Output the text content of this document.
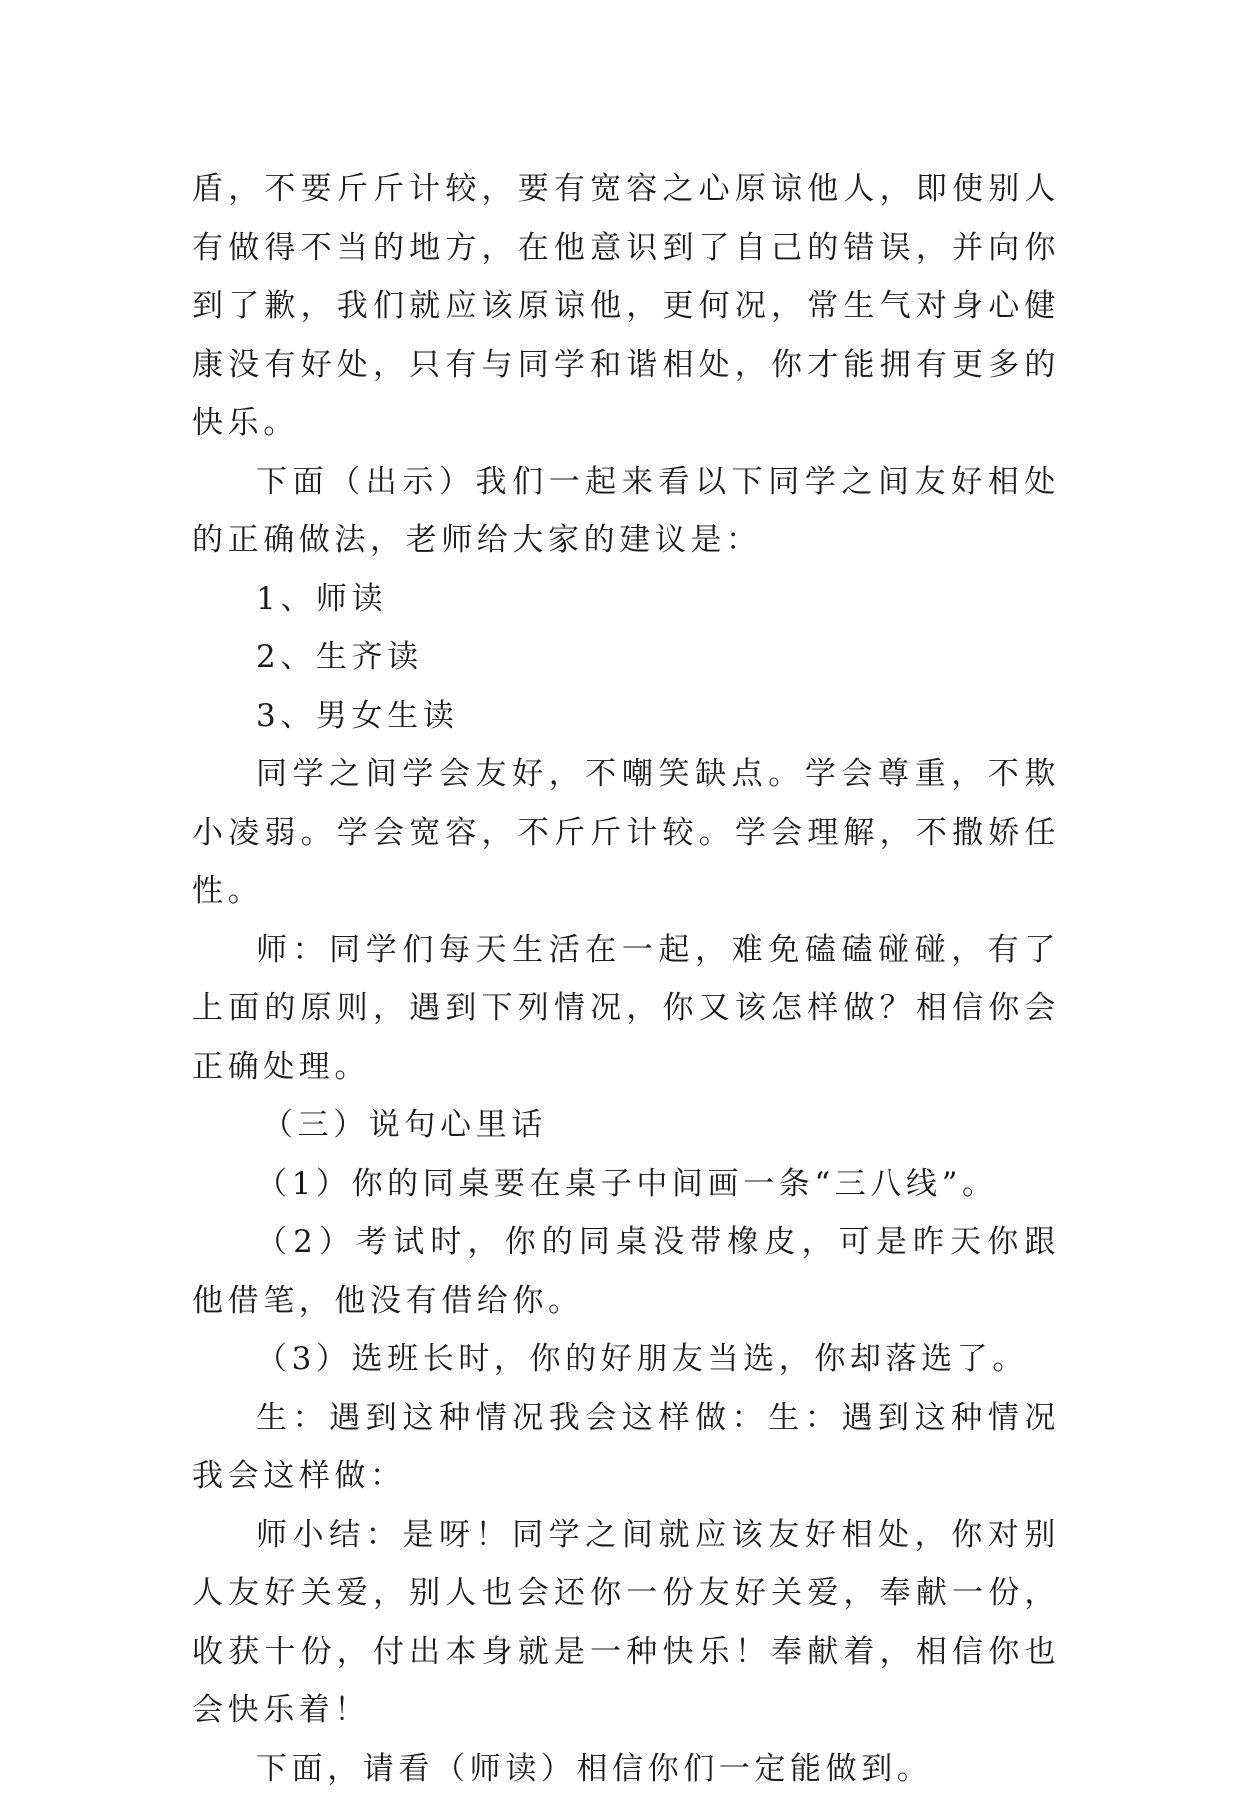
盾，不要斤斤计较，要有宽容之心原谅他人，即使别人有做得不当的地方，在他意识到了自己的错误，并向你到了歉，我们就应该原谅他，更何况，常生气对身心健康没有好处，只有与同学和谐相处，你才能拥有更多的快乐。

下面（出示）我们一起来看以下同学之间友好相处的正确做法，老师给大家的建议是：

1、师读

2、生齐读

3、男女生读

同学之间学会友好，不嘲笑缺点。学会尊重，不欺小凌弱。学会宽容，不斤斤计较。学会理解，不撒娇任性。

师：同学们每天生活在一起，难免磕磕碰碰，有了上面的原则，遇到下列情况，你又该怎样做？相信你会正确处理。

（三）说句心里话

（1）你的同桌要在桌子中间画一条“三八线”。

（2）考试时，你的同桌没带橡皮，可是昨天你跟他借笔，他没有借给你。

（3）选班长时，你的好朋友当选，你却落选了。

生：遇到这种情况我会这样做：生：遇到这种情况我会这样做：

师小结：是呀！同学之间就应该友好相处，你对别人友好关爱，别人也会还你一份友好关爱，奉献一份，收获十份，付出本身就是一种快乐！奉献着，相信你也会快乐着！

下面，请看（师读）相信你们一定能做到。
